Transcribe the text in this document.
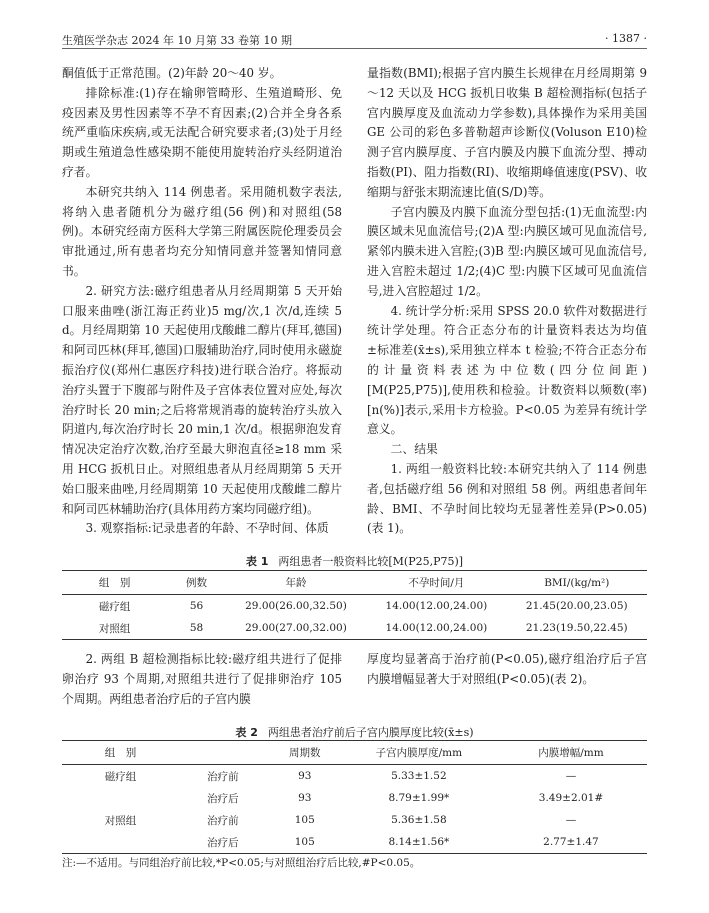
生殖医学杂志 2024 年 10 月第 33 卷第 10 期	· 1387 ·

酮值低于正常范围。(2)年龄 20～40 岁。

排除标准:(1)存在输卵管畸形、生殖道畸形、免疫因素及男性因素等不孕不育因素;(2)合并全身各系统严重临床疾病,或无法配合研究要求者;(3)处于月经期或生殖道急性感染期不能使用旋转治疗头经阴道治疗者。

本研究共纳入 114 例患者。采用随机数字表法,将纳入患者随机分为磁疗组(56 例)和对照组(58 例)。本研究经南方医科大学第三附属医院伦理委员会审批通过,所有患者均充分知情同意并签署知情同意书。

2. 研究方法:磁疗组患者从月经周期第 5 天开始口服来曲唑(浙江海正药业)5 mg/次,1 次/d,连续 5 d。月经周期第 10 天起使用戊酸雌二醇片(拜耳,德国)和阿司匹林(拜耳,德国)口服辅助治疗,同时使用永磁旋振治疗仪(郑州仁惠医疗科技)进行联合治疗。将振动治疗头置于下腹部与附件及子宫体表位置对应处,每次治疗时长 20 min;之后将常规消毒的旋转治疗头放入阴道内,每次治疗时长 20 min,1 次/d。根据卵泡发育情况决定治疗次数,治疗至最大卵泡直径≥18 mm 采用 HCG 扳机日止。对照组患者从月经周期第 5 天开始口服来曲唑,月经周期第 10 天起使用戊酸雌二醇片和阿司匹林辅助治疗(具体用药方案均同磁疗组)。

3. 观察指标:记录患者的年龄、不孕时间、体质

量指数(BMI);根据子宫内膜生长规律在月经周期第 9～12 天以及 HCG 扳机日收集 B 超检测指标(包括子宫内膜厚度及血流动力学参数),具体操作为采用美国 GE 公司的彩色多普勒超声诊断仪(Voluson E10)检测子宫内膜厚度、子宫内膜及内膜下血流分型、搏动指数(PI)、阻力指数(RI)、收缩期峰值速度(PSV)、收缩期与舒张末期流速比值(S/D)等。

子宫内膜及内膜下血流分型包括:(1)无血流型:内膜区域未见血流信号;(2)A 型:内膜区域可见血流信号,紧邻内膜未进入宫腔;(3)B 型:内膜区域可见血流信号,进入宫腔未超过 1/2;(4)C 型:内膜下区域可见血流信号,进入宫腔超过 1/2。

4. 统计学分析:采用 SPSS 20.0 软件对数据进行统计学处理。符合正态分布的计量资料表达为均值±标准差(x̄±s),采用独立样本 t 检验;不符合正态分布的计量资料表述为中位数(四分位间距)[M(P25,P75)],使用秩和检验。计数资料以频数(率)[n(%)]表示,采用卡方检验。P<0.05 为差异有统计学意义。

二、结果

1. 两组一般资料比较:本研究共纳入了 114 例患者,包括磁疗组 56 例和对照组 58 例。两组患者间年龄、BMI、不孕时间比较均无显著性差异(P>0.05)(表 1)。

表 1 两组患者一般资料比较[M(P25,P75)]
组　别	例数	年龄	不孕时间/月	BMI/(kg/m²)
磁疗组	56	29.00(26.00,32.50)	14.00(12.00,24.00)	21.45(20.00,23.05)
对照组	58	29.00(27.00,32.00)	14.00(12.00,24.00)	21.23(19.50,22.45)

2. 两组 B 超检测指标比较:磁疗组共进行了促排卵治疗 93 个周期,对照组共进行了促排卵治疗 105 个周期。两组患者治疗后的子宫内膜

厚度均显著高于治疗前(P<0.05),磁疗组治疗后子宫内膜增幅显著大于对照组(P<0.05)(表 2)。

表 2 两组患者治疗前后子宫内膜厚度比较(x̄±s)
组　别		周期数	子宫内膜厚度/mm	内膜增幅/mm
磁疗组	治疗前	93	5.33±1.52	—
	治疗后	93	8.79±1.99*	3.49±2.01#
对照组	治疗前	105	5.36±1.58	—
	治疗后	105	8.14±1.56*	2.77±1.47
注:—不适用。与同组治疗前比较,*P<0.05;与对照组治疗后比较,#P<0.05。
